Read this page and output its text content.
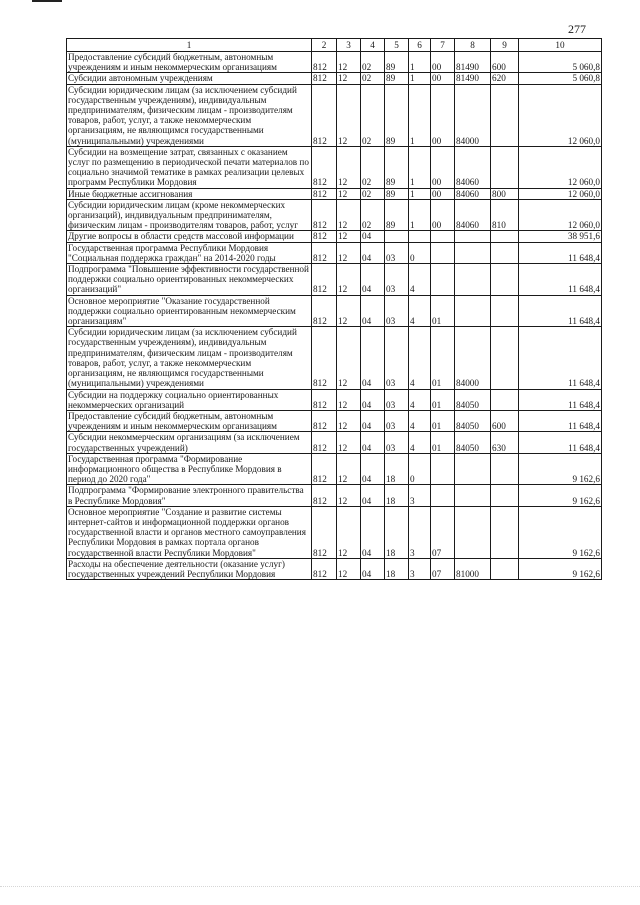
277
1	2	3	4	5	6	7	8	9	10
Предоставление субсидий бюджетным, автономным учреждениям и иным некоммерческим организациям	812	12	02	89	1	00	81490	600	5 060,8
Субсидии автономным учреждениям	812	12	02	89	1	00	81490	620	5 060,8
Субсидии юридическим лицам (за исключением субсидий государственным учреждениям), индивидуальным предпринимателям, физическим лицам - производителям товаров, работ, услуг, а также некоммерческим организациям, не являющимся государственными (муниципальными) учреждениями	812	12	02	89	1	00	84000		12 060,0
Субсидии на возмещение затрат, связанных с оказанием услуг по размещению в периодической печати материалов по социально значимой тематике в рамках реализации целевых программ Республики Мордовия	812	12	02	89	1	00	84060		12 060,0
Иные бюджетные ассигнования	812	12	02	89	1	00	84060	800	12 060,0
Субсидии юридическим лицам (кроме некоммерческих организаций), индивидуальным предпринимателям, физическим лицам - производителям товаров, работ, услуг	812	12	02	89	1	00	84060	810	12 060,0
Другие вопросы в области средств массовой информации	812	12	04						38 951,6
Государственная программа Республики Мордовия "Социальная поддержка граждан" на 2014-2020 годы	812	12	04	03	0				11 648,4
Подпрограмма "Повышение эффективности государственной поддержки социально ориентированных некоммерческих организаций"	812	12	04	03	4				11 648,4
Основное мероприятие "Оказание государственной поддержки социально ориентированным некоммерческим организациям"	812	12	04	03	4	01			11 648,4
Субсидии юридическим лицам (за исключением субсидий государственным учреждениям), индивидуальным предпринимателям, физическим лицам - производителям товаров, работ, услуг, а также некоммерческим организациям, не являющимся государственными (муниципальными) учреждениями	812	12	04	03	4	01	84000		11 648,4
Субсидии на поддержку социально ориентированных некоммерческих организаций	812	12	04	03	4	01	84050		11 648,4
Предоставление субсидий бюджетным, автономным учреждениям и иным некоммерческим организациям	812	12	04	03	4	01	84050	600	11 648,4
Субсидии некоммерческим организациям (за исключением государственных учреждений)	812	12	04	03	4	01	84050	630	11 648,4
Государственная программа "Формирование информационного общества в Республике Мордовия в период до 2020 года"	812	12	04	18	0				9 162,6
Подпрограмма "Формирование электронного правительства в Республике Мордовия"	812	12	04	18	3				9 162,6
Основное мероприятие "Создание и развитие системы интернет-сайтов и информационной поддержки органов государственной власти и органов местного самоуправления Республики Мордовия в рамках портала органов государственной власти Республики Мордовия"	812	12	04	18	3	07			9 162,6
Расходы на обеспечение деятельности (оказание услуг) государственных учреждений Республики Мордовия	812	12	04	18	3	07	81000		9 162,6
